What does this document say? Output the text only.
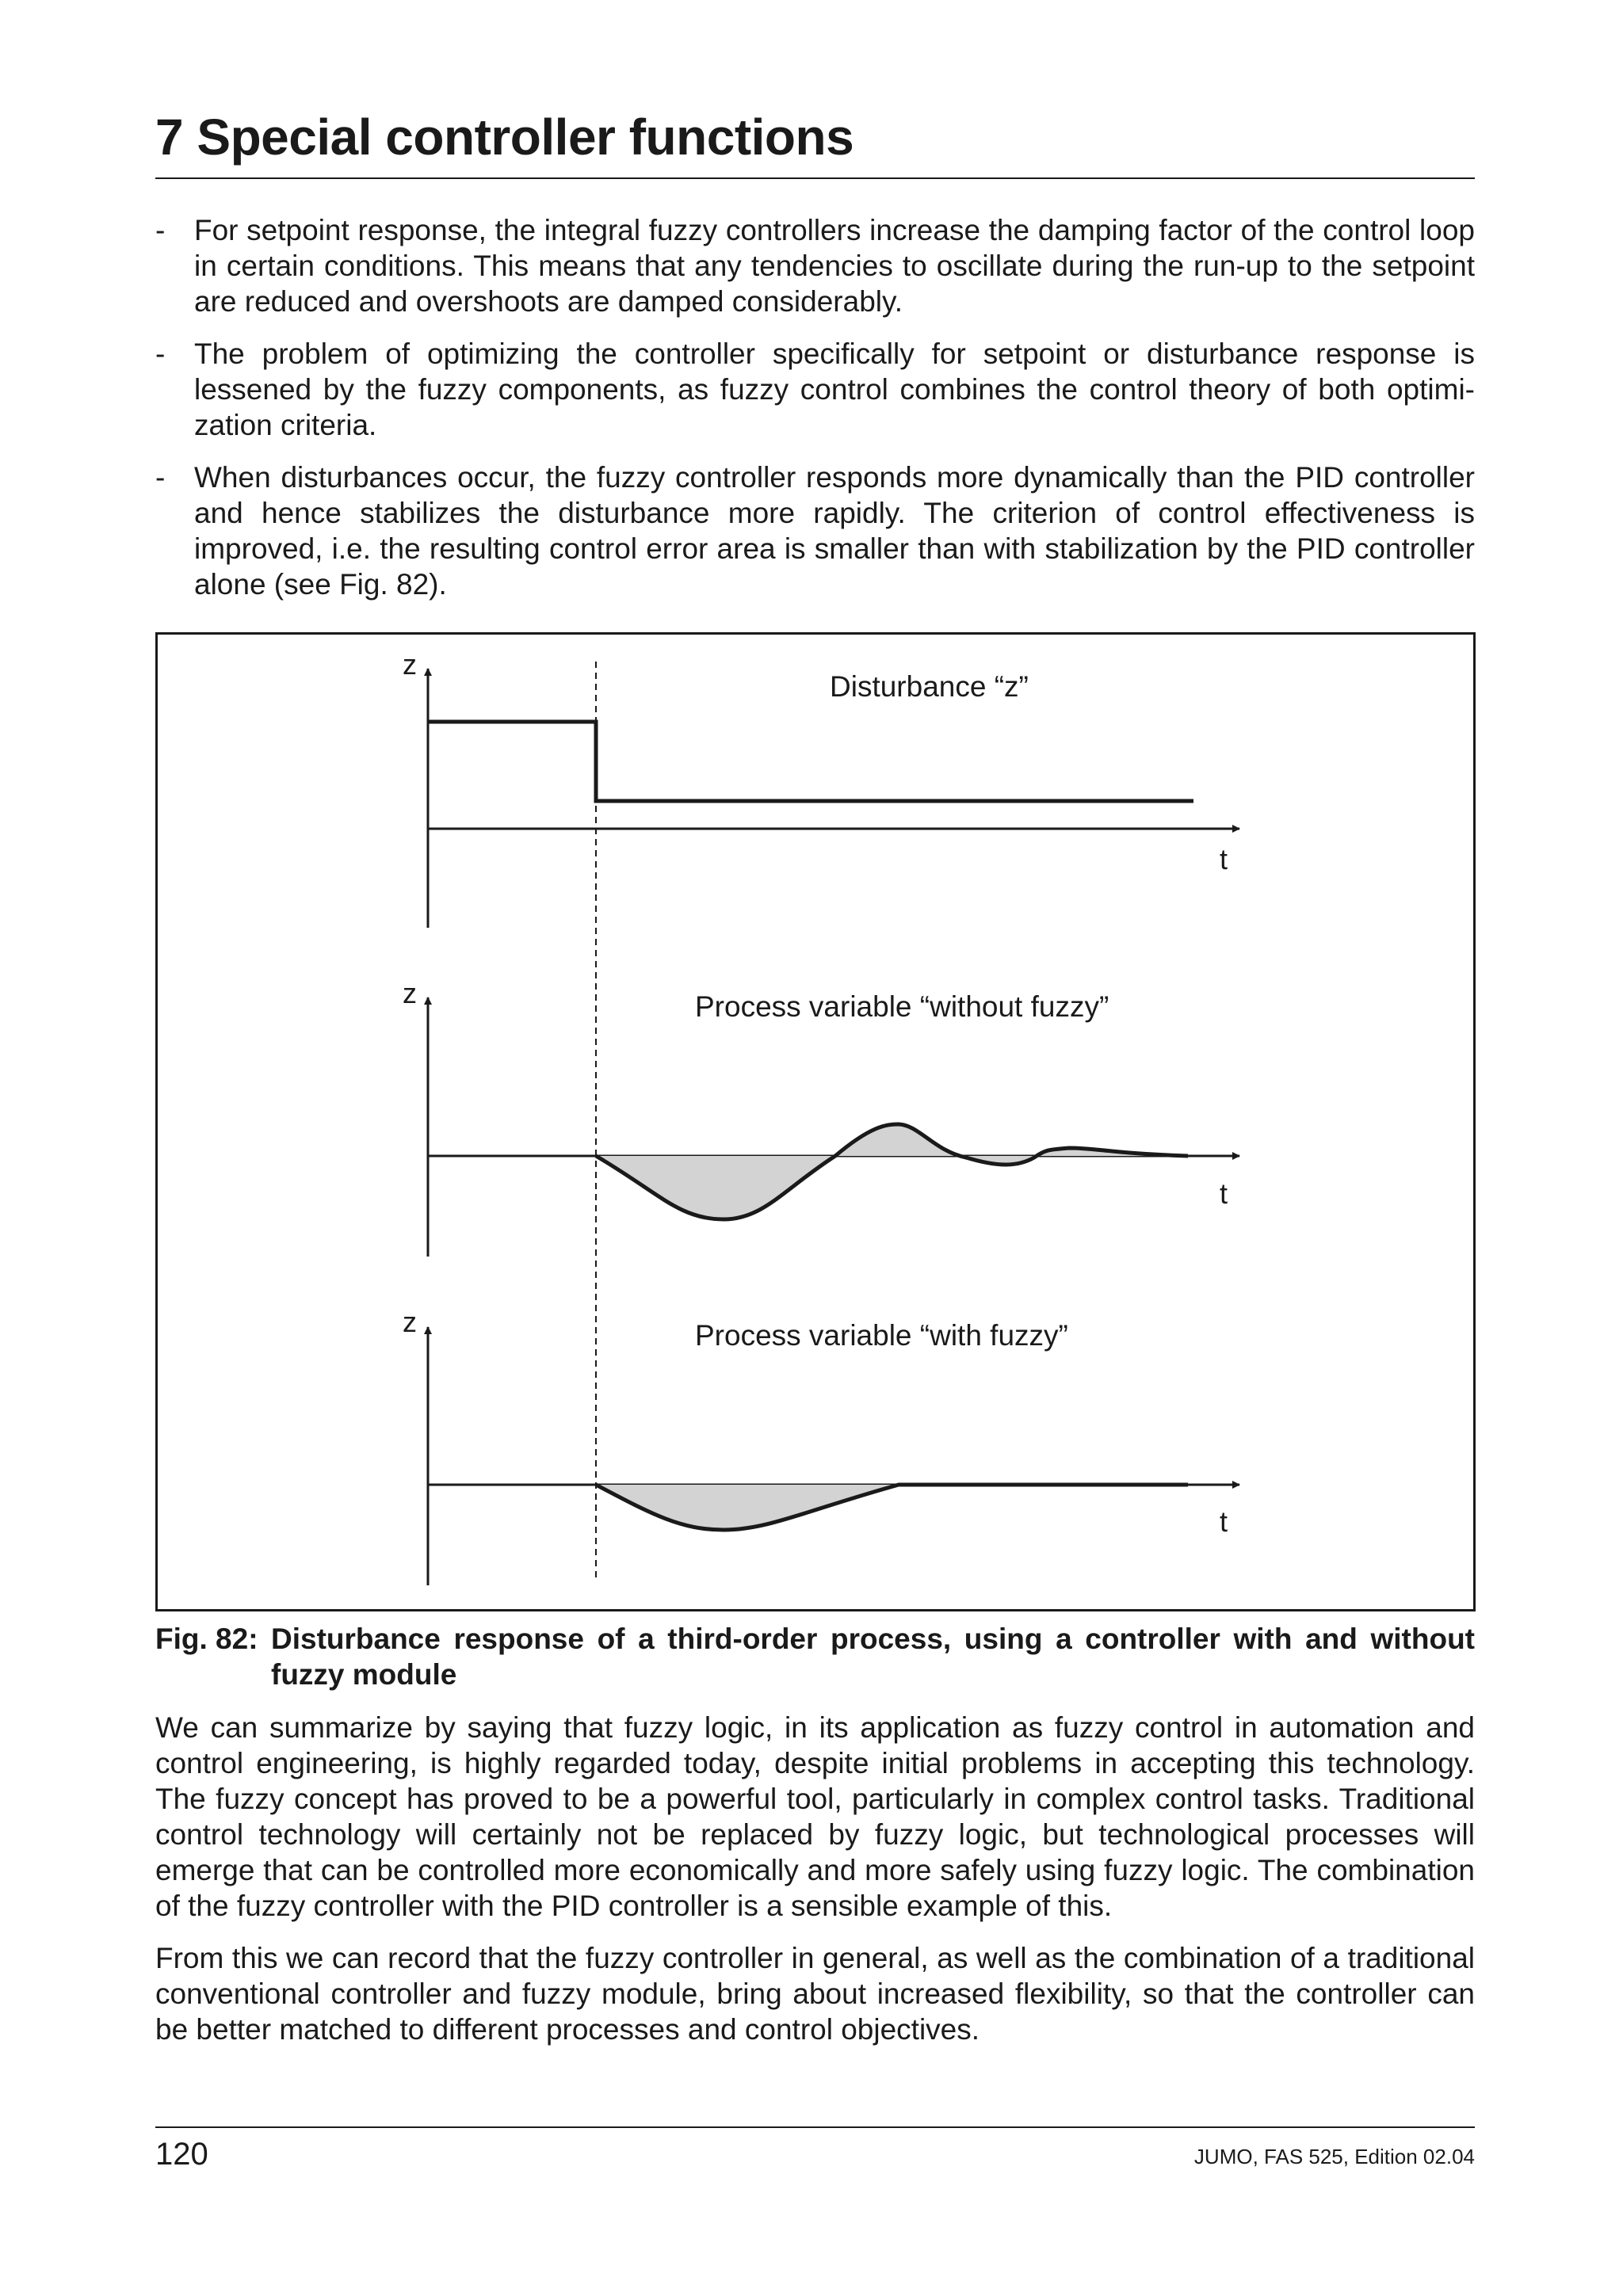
7 Special controller functions
- For setpoint response, the integral fuzzy controllers increase the damping factor of the control loop in certain conditions. This means that any tendencies to oscillate during the run-up to the setpoint are reduced and overshoots are damped considerably.
- The problem of optimizing the controller specifically for setpoint or disturbance response is lessened by the fuzzy components, as fuzzy control combines the control theory of both optimization criteria.
- When disturbances occur, the fuzzy controller responds more dynamically than the PID controller and hence stabilizes the disturbance more rapidly. The criterion of control effectiveness is improved, i.e. the resulting control error area is smaller than with stabilization by the PID controller alone (see Fig. 82).
z
t
Disturbance “z”
z
t
Process variable “without fuzzy”
z
t
Process variable “with fuzzy”
Fig. 82: Disturbance response of a third-order process, using a controller with and without fuzzy module

We can summarize by saying that fuzzy logic, in its application as fuzzy control in automation and control engineering, is highly regarded today, despite initial problems in accepting this technology. The fuzzy concept has proved to be a powerful tool, particularly in complex control tasks. Traditional control technology will certainly not be replaced by fuzzy logic, but technological processes will emerge that can be controlled more economically and more safely using fuzzy logic. The combination of the fuzzy controller with the PID controller is a sensible example of this.

From this we can record that the fuzzy controller in general, as well as the combination of a traditional conventional controller and fuzzy module, bring about increased flexibility, so that the controller can be better matched to different processes and control objectives.

120	JUMO, FAS 525, Edition 02.04
